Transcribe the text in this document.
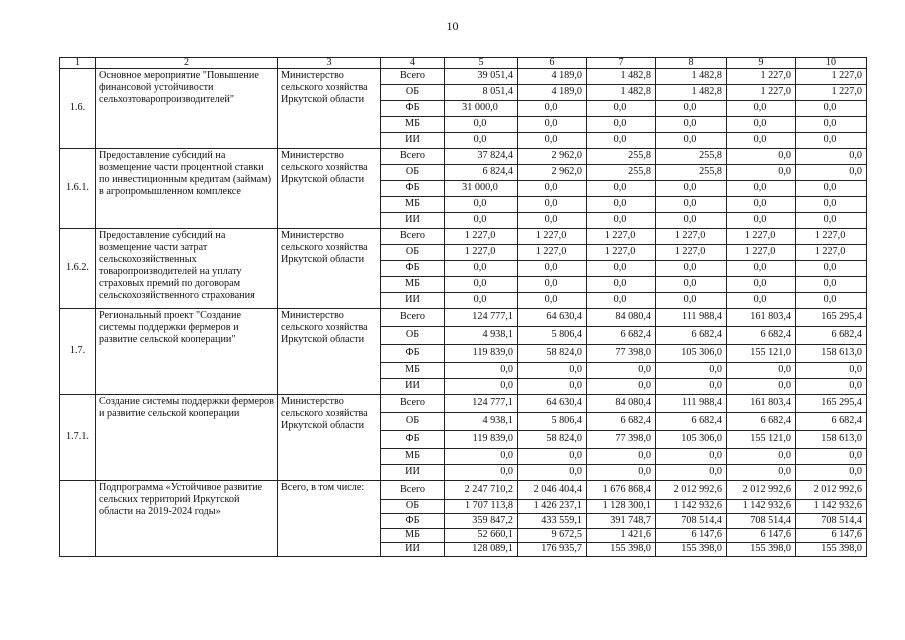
10
1	2	3	4	5	6	7	8	9	10
1.6.	Основное мероприятие "Повышение финансовой устойчивости сельхозтоваропроизводителей"	Министерство сельского хозяйства Иркутской области	Всего	39 051,4	4 189,0	1 482,8	1 482,8	1 227,0	1 227,0
			ОБ	8 051,4	4 189,0	1 482,8	1 482,8	1 227,0	1 227,0
			ФБ	31 000,0	0,0	0,0	0,0	0,0	0,0
			МБ	0,0	0,0	0,0	0,0	0,0	0,0
			ИИ	0,0	0,0	0,0	0,0	0,0	0,0
1.6.1.	Предоставление субсидий на возмещение части процентной ставки по инвестиционным кредитам (займам) в агропромышленном комплексе	Министерство сельского хозяйства Иркутской области	Всего	37 824,4	2 962,0	255,8	255,8	0,0	0,0
			ОБ	6 824,4	2 962,0	255,8	255,8	0,0	0,0
			ФБ	31 000,0	0,0	0,0	0,0	0,0	0,0
			МБ	0,0	0,0	0,0	0,0	0,0	0,0
			ИИ	0,0	0,0	0,0	0,0	0,0	0,0
1.6.2.	Предоставление субсидий на возмещение части затрат сельскохозяйственных товаропроизводителей на уплату страховых премий по договорам сельскохозяйственного страхования	Министерство сельского хозяйства Иркутской области	Всего	1 227,0	1 227,0	1 227,0	1 227,0	1 227,0	1 227,0
			ОБ	1 227,0	1 227,0	1 227,0	1 227,0	1 227,0	1 227,0
			ФБ	0,0	0,0	0,0	0,0	0,0	0,0
			МБ	0,0	0,0	0,0	0,0	0,0	0,0
			ИИ	0,0	0,0	0,0	0,0	0,0	0,0
1.7.	Региональный проект "Создание системы поддержки фермеров и развитие сельской кооперации"	Министерство сельского хозяйства Иркутской области	Всего	124 777,1	64 630,4	84 080,4	111 988,4	161 803,4	165 295,4
			ОБ	4 938,1	5 806,4	6 682,4	6 682,4	6 682,4	6 682,4
			ФБ	119 839,0	58 824,0	77 398,0	105 306,0	155 121,0	158 613,0
			МБ	0,0	0,0	0,0	0,0	0,0	0,0
			ИИ	0,0	0,0	0,0	0,0	0,0	0,0
1.7.1.	Создание системы поддержки фермеров и развитие сельской кооперации	Министерство сельского хозяйства Иркутской области	Всего	124 777,1	64 630,4	84 080,4	111 988,4	161 803,4	165 295,4
			ОБ	4 938,1	5 806,4	6 682,4	6 682,4	6 682,4	6 682,4
			ФБ	119 839,0	58 824,0	77 398,0	105 306,0	155 121,0	158 613,0
			МБ	0,0	0,0	0,0	0,0	0,0	0,0
			ИИ	0,0	0,0	0,0	0,0	0,0	0,0
	Подпрограмма «Устойчивое развитие сельских территорий Иркутской области на 2019-2024 годы»	Всего, в том числе:	Всего	2 247 710,2	2 046 404,4	1 676 868,4	2 012 992,6	2 012 992,6	2 012 992,6
			ОБ	1 707 113,8	1 426 237,1	1 128 300,1	1 142 932,6	1 142 932,6	1 142 932,6
			ФБ	359 847,2	433 559,1	391 748,7	708 514,4	708 514,4	708 514,4
			МБ	52 660,1	9 672,5	1 421,6	6 147,6	6 147,6	6 147,6
			ИИ	128 089,1	176 935,7	155 398,0	155 398,0	155 398,0	155 398,0
